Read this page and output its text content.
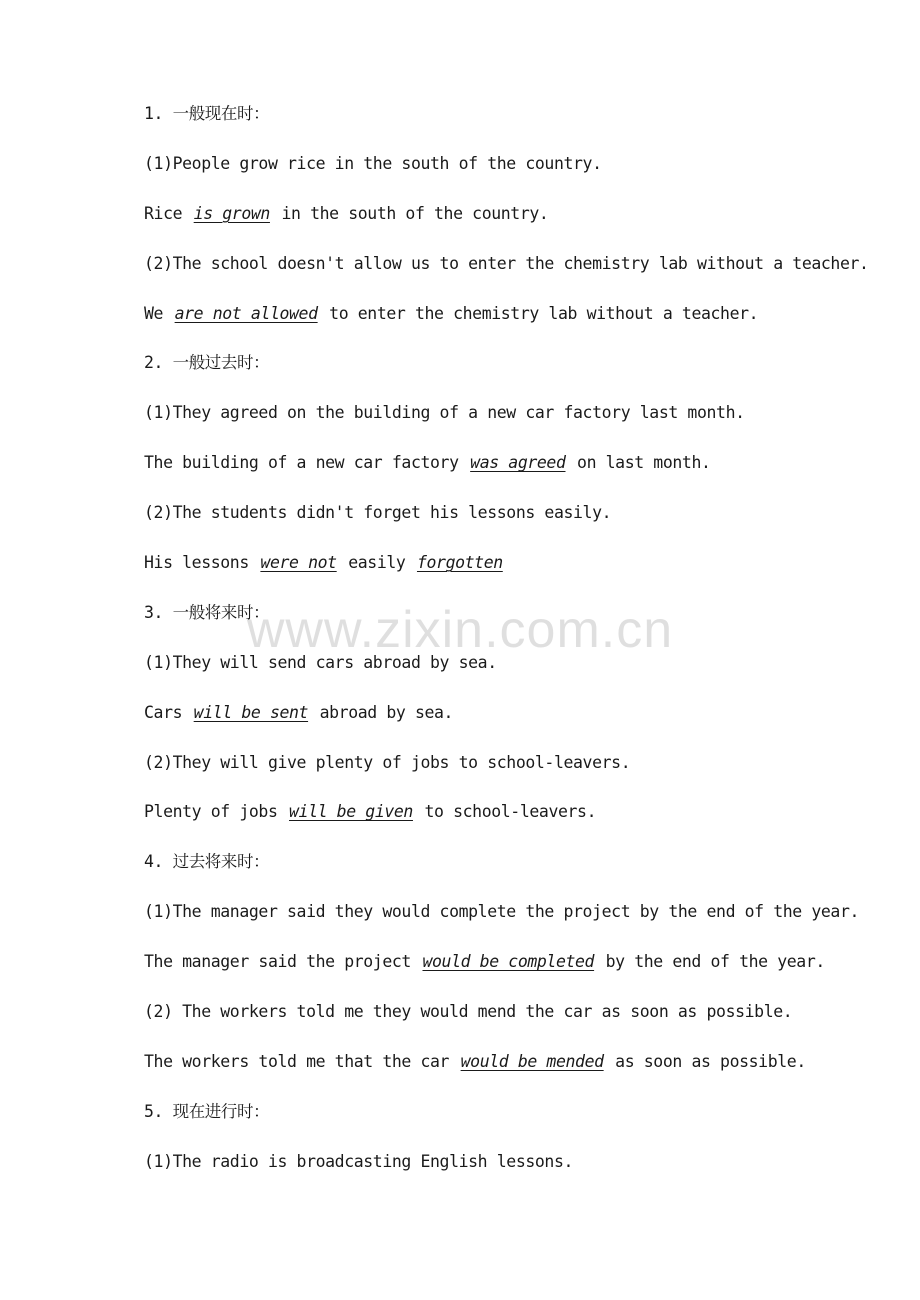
1. 一般现在时：
(1)People grow rice in the south of the country.
Rice is grown in the south of the country.
(2)The school doesn't allow us to enter the chemistry lab without a teacher.
We are not allowed to enter the chemistry lab without a teacher.
2. 一般过去时：
(1)They agreed on the building of a new car factory last month.
The building of a new car factory was agreed on last month.
(2)The students didn't forget his lessons easily.
His lessons were not easily forgotten
3. 一般将来时：
(1)They will send cars abroad by sea.
Cars will be sent abroad by sea.
(2)They will give plenty of jobs to school-leavers.
Plenty of jobs will be given to school-leavers.
4. 过去将来时：
(1)The manager said they would complete the project by the end of the year.
The manager said the project would be completed by the end of the year.
(2) The workers told me they would mend the car as soon as possible.
The workers told me that the car would be mended as soon as possible.
5. 现在进行时：
(1)The radio is broadcasting English lessons.
www.zixin.com.cn
